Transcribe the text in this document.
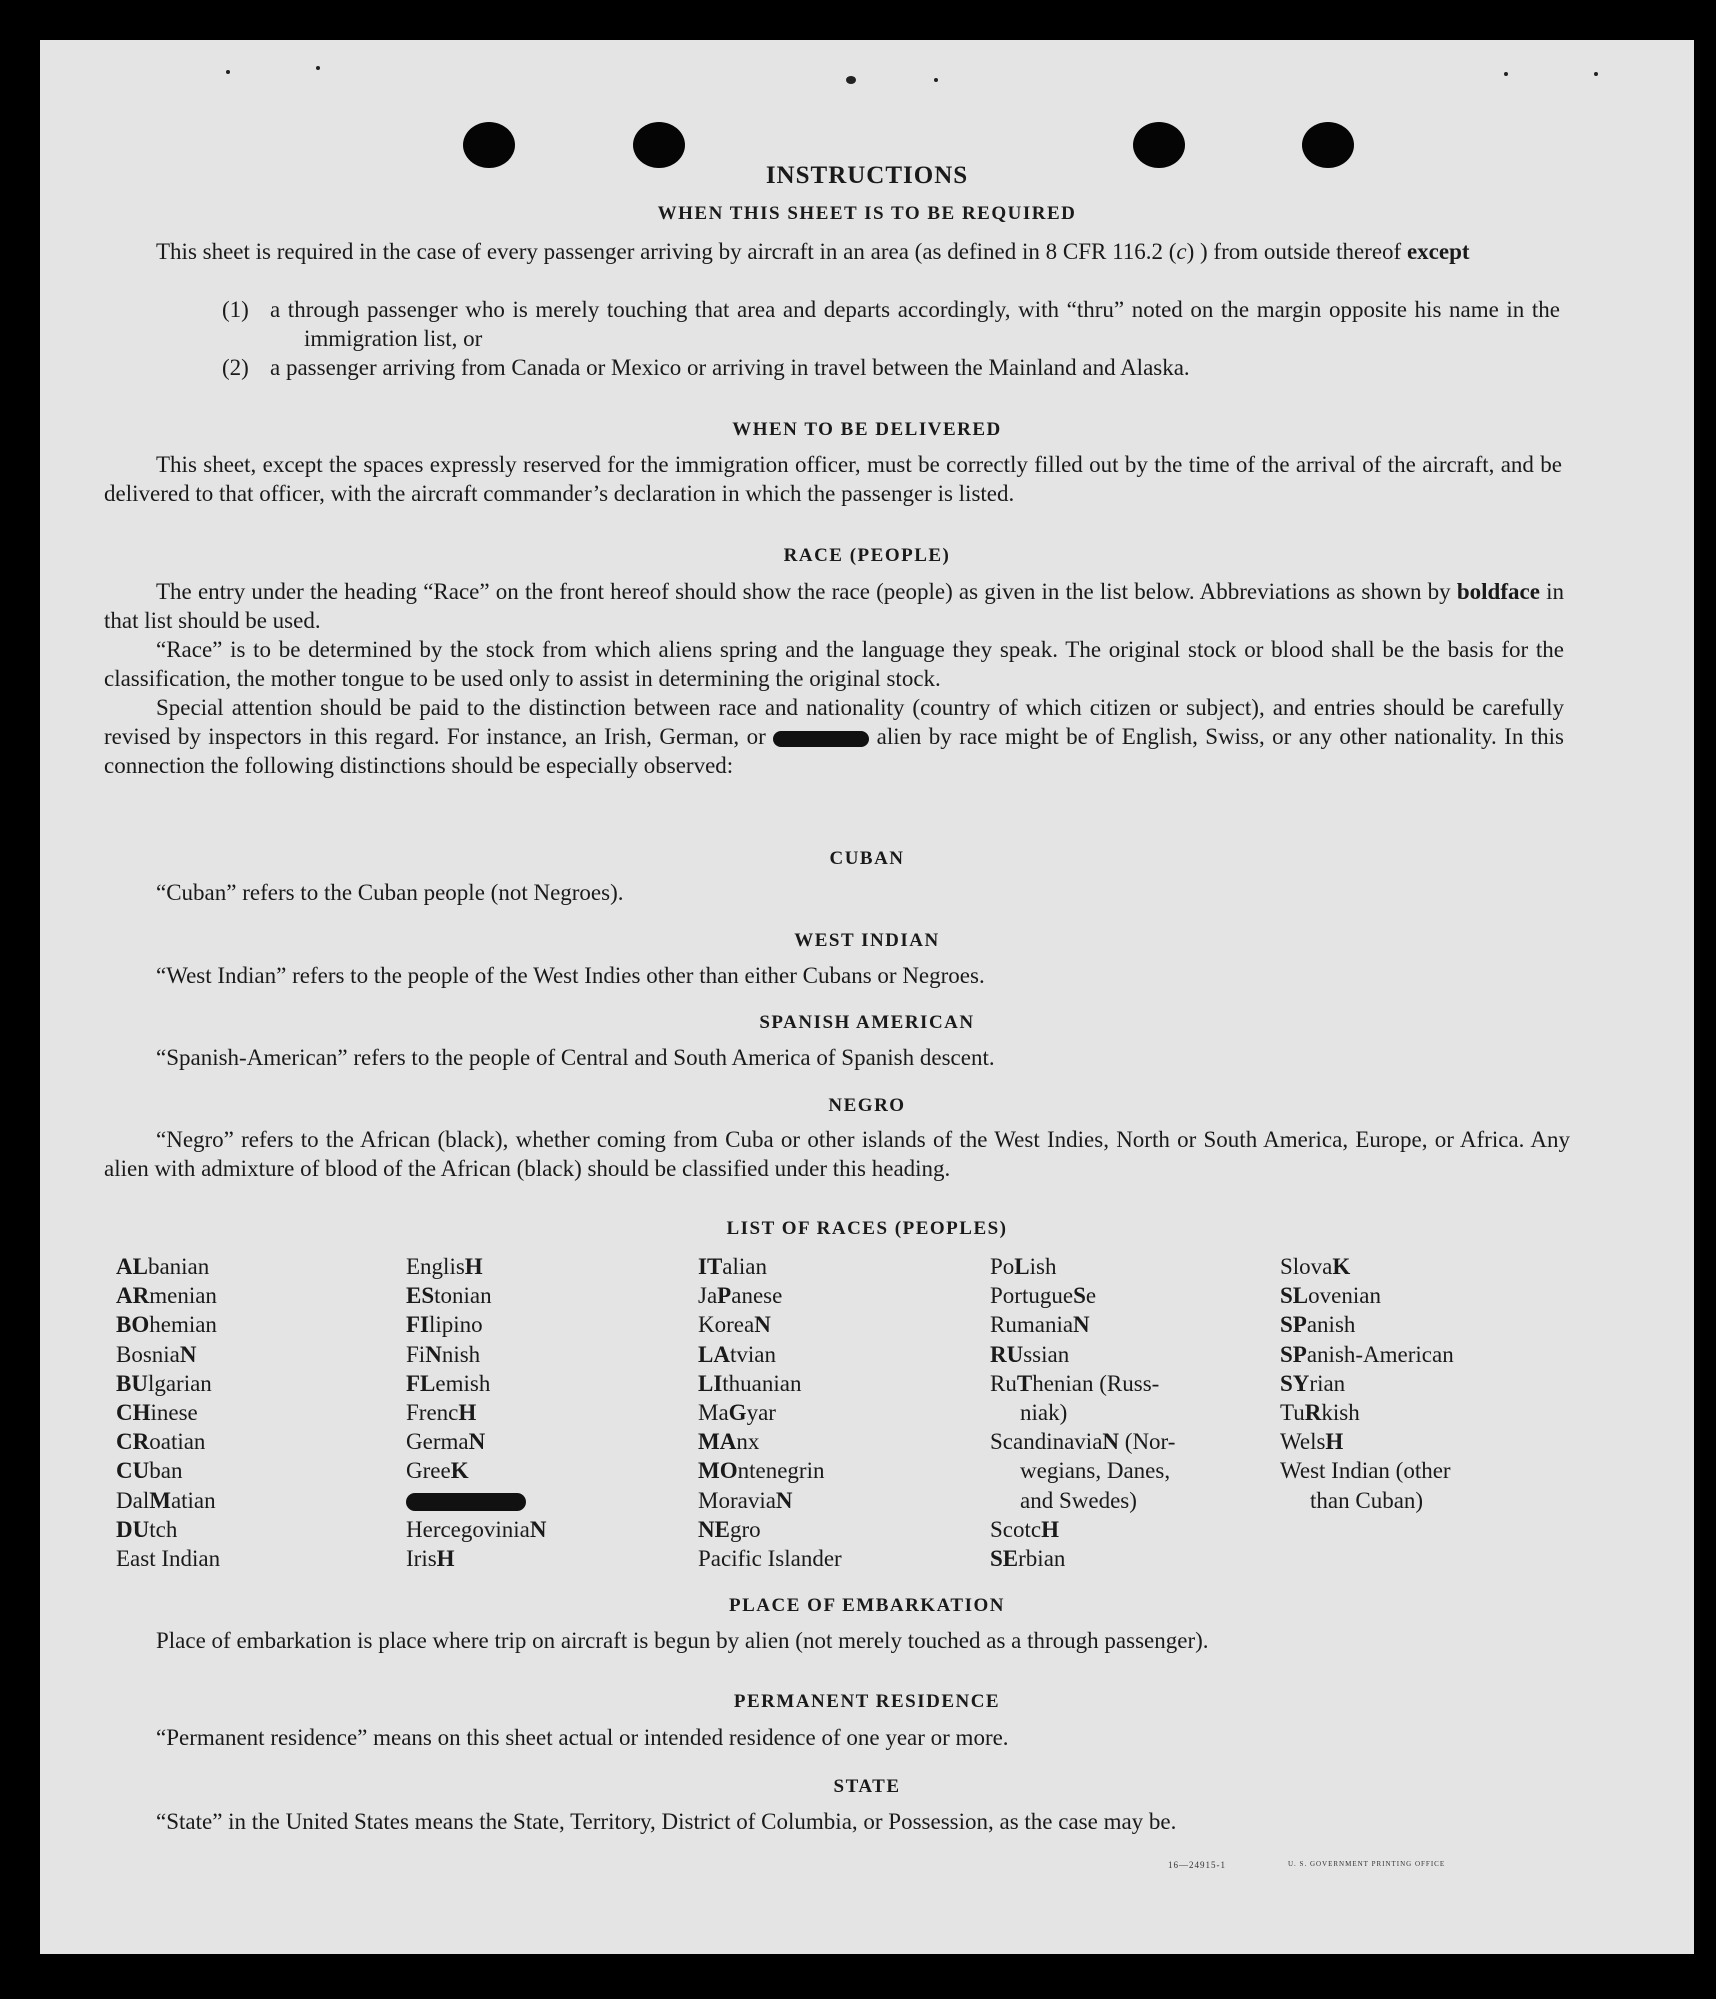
INSTRUCTIONS
WHEN THIS SHEET IS TO BE REQUIRED
This sheet is required in the case of every passenger arriving by aircraft in an area (as defined in 8 CFR 116.2 (c) ) from outside thereof except
(1) a through passenger who is merely touching that area and departs accordingly, with “thru” noted on the margin opposite his name in the immigration list, or
(2) a passenger arriving from Canada or Mexico or arriving in travel between the Mainland and Alaska.
WHEN TO BE DELIVERED
This sheet, except the spaces expressly reserved for the immigration officer, must be correctly filled out by the time of the arrival of the aircraft, and be delivered to that officer, with the aircraft commander’s declaration in which the passenger is listed.
RACE (PEOPLE)

The entry under the heading “Race” on the front hereof should show the race (people) as given in the list below. Abbreviations as shown by boldface in that list should be used.

“Race” is to be determined by the stock from which aliens spring and the language they speak. The original stock or blood shall be the basis for the classification, the mother tongue to be used only to assist in determining the original stock.

Special attention should be paid to the distinction between race and nationality (country of which citizen or subject), and entries should be carefully revised by inspectors in this regard. For instance, an Irish, German, or	alien by race might be of English, Swiss, or any other nationality. In this connection the following distinctions should be especially observed:

CUBAN
“Cuban” refers to the Cuban people (not Negroes).
WEST INDIAN
“West Indian” refers to the people of the West Indies other than either Cubans or Negroes.
SPANISH AMERICAN
“Spanish-American” refers to the people of Central and South America of Spanish descent.
NEGRO
“Negro” refers to the African (black), whether coming from Cuba or other islands of the West Indies, North or South America, Europe, or Africa. Any alien with admixture of blood of the African (black) should be classified under this heading.
LIST OF RACES (PEOPLES)
ALbanian
ARmenian
BOhemian
BosniaN
BUlgarian
CHinese
CRoatian
CUban
DalMatian
DUtch
East Indian
EnglisH
EStonian
FIlipino
FiNnish
FLemish
FrencH
GermaN
GreeK
HercegoviniaN
IrisH
ITalian
JaPanese
KoreaN
LAtvian
LIthuanian
MaGyar
MAnx
MOntenegrin
MoraviaN
NEgro
Pacific Islander
PoLish
PortugueSe
RumaniaN
RUssian
RuThenian (Russ-
niak)
ScandinaviaN (Nor-
wegians, Danes,
and Swedes)
ScotcH
SErbian
SlovaK
SLovenian
SPanish
SPanish-American
SYrian
TuRkish
WelsH
West Indian (other
than Cuban)
PLACE OF EMBARKATION
Place of embarkation is place where trip on aircraft is begun by alien (not merely touched as a through passenger).
PERMANENT RESIDENCE
“Permanent residence” means on this sheet actual or intended residence of one year or more.
STATE
“State” in the United States means the State, Territory, District of Columbia, or Possession, as the case may be.
16—24915-1	U. S. GOVERNMENT PRINTING OFFICE
